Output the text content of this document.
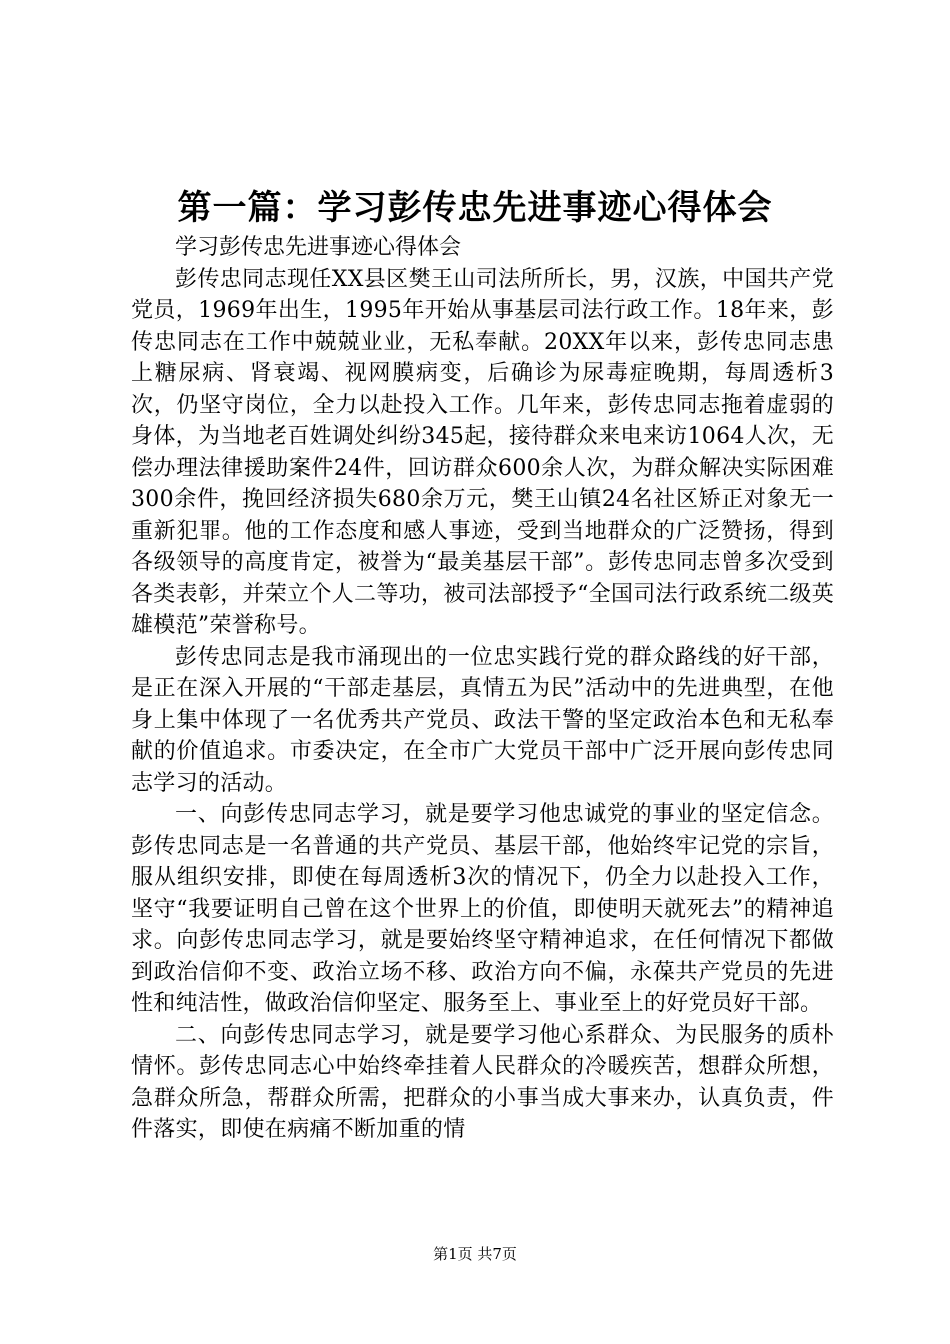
第一篇：学习彭传忠先进事迹心得体会

学习彭传忠先进事迹心得体会

彭传忠同志现任XX县区樊王山司法所所长，男，汉族，中国共产党党员，1969年出生，1995年开始从事基层司法行政工作。18年来，彭传忠同志在工作中兢兢业业，无私奉献。20XX年以来，彭传忠同志患上糖尿病、肾衰竭、视网膜病变，后确诊为尿毒症晚期，每周透析3次，仍坚守岗位，全力以赴投入工作。几年来，彭传忠同志拖着虚弱的身体，为当地老百姓调处纠纷345起，接待群众来电来访1064人次，无偿办理法律援助案件24件，回访群众600余人次，为群众解决实际困难300余件，挽回经济损失680余万元，樊王山镇24名社区矫正对象无一重新犯罪。他的工作态度和感人事迹，受到当地群众的广泛赞扬，得到各级领导的高度肯定，被誉为“最美基层干部”。彭传忠同志曾多次受到各类表彰，并荣立个人二等功，被司法部授予“全国司法行政系统二级英雄模范”荣誉称号。

彭传忠同志是我市涌现出的一位忠实践行党的群众路线的好干部，是正在深入开展的“干部走基层，真情五为民”活动中的先进典型，在他身上集中体现了一名优秀共产党员、政法干警的坚定政治本色和无私奉献的价值追求。市委决定，在全市广大党员干部中广泛开展向彭传忠同志学习的活动。

一、向彭传忠同志学习，就是要学习他忠诚党的事业的坚定信念。彭传忠同志是一名普通的共产党员、基层干部，他始终牢记党的宗旨，服从组织安排，即使在每周透析3次的情况下，仍全力以赴投入工作，坚守“我要证明自己曾在这个世界上的价值，即使明天就死去”的精神追求。向彭传忠同志学习，就是要始终坚守精神追求，在任何情况下都做到政治信仰不变、政治立场不移、政治方向不偏，永葆共产党员的先进性和纯洁性，做政治信仰坚定、服务至上、事业至上的好党员好干部。

二、向彭传忠同志学习，就是要学习他心系群众、为民服务的质朴情怀。彭传忠同志心中始终牵挂着人民群众的冷暖疾苦，想群众所想，急群众所急，帮群众所需，把群众的小事当成大事来办，认真负责，件件落实，即使在病痛不断加重的情

第1页 共7页
